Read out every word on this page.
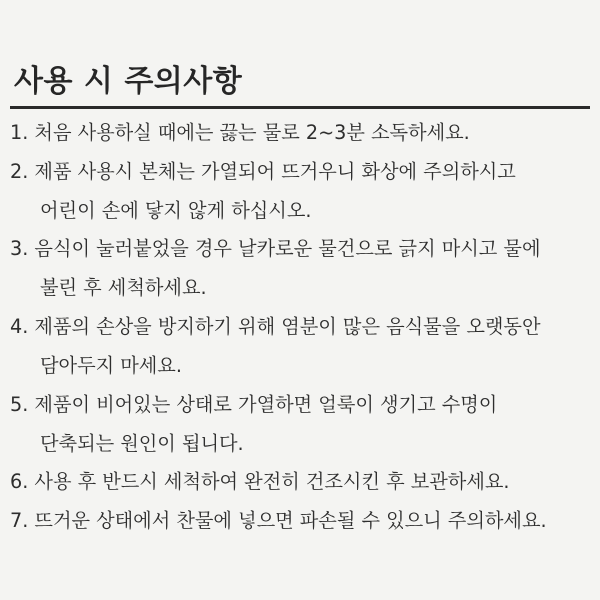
사용 시 주의사항
1. 처음 사용하실 때에는 끓는 물로 2~3분 소독하세요.
2. 제품 사용시 본체는 가열되어 뜨거우니 화상에 주의하시고
어린이 손에 닿지 않게 하십시오.
3. 음식이 눌러붙었을 경우 날카로운 물건으로 긁지 마시고 물에
불린 후 세척하세요.
4. 제품의 손상을 방지하기 위해 염분이 많은 음식물을 오랫동안
담아두지 마세요.
5. 제품이 비어있는 상태로 가열하면 얼룩이 생기고 수명이
단축되는 원인이 됩니다.
6. 사용 후 반드시 세척하여 완전히 건조시킨 후 보관하세요.
7. 뜨거운 상태에서 찬물에 넣으면 파손될 수 있으니 주의하세요.
